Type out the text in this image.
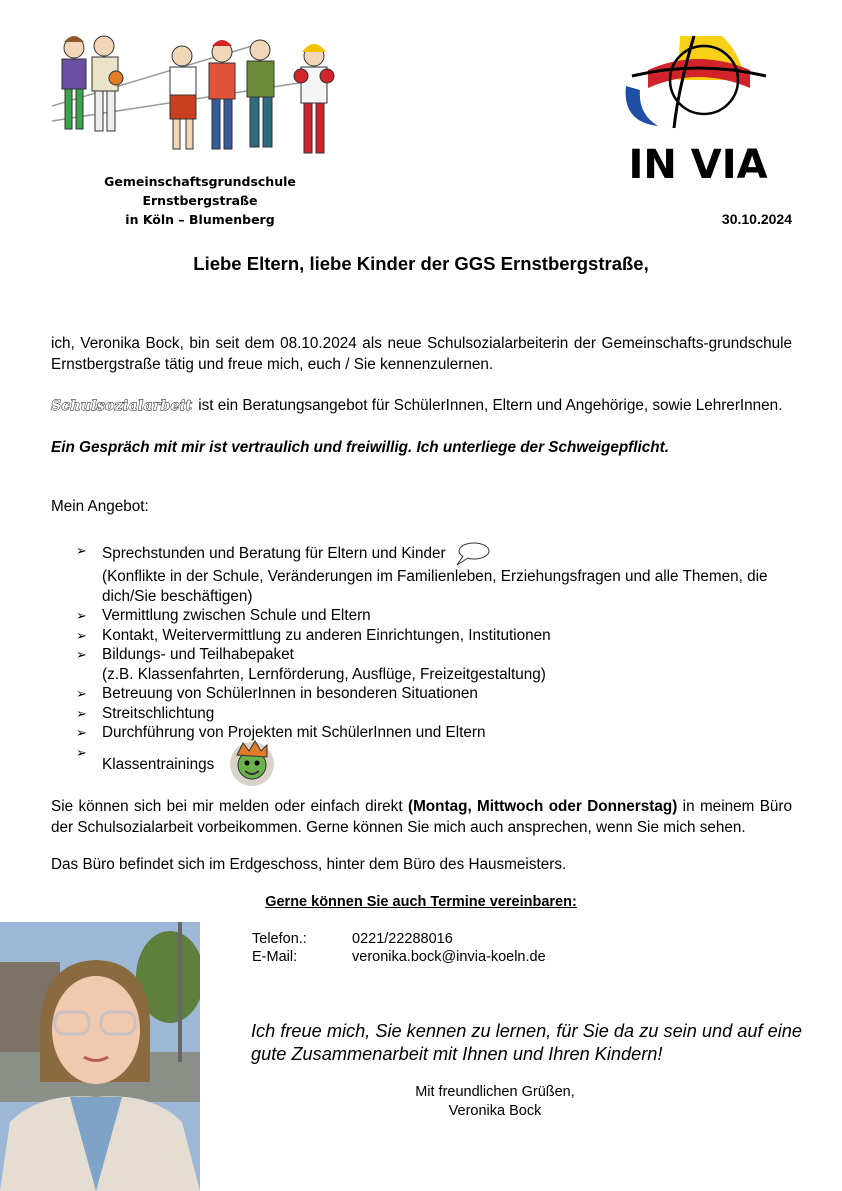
Gemeinschaftsgrundschule Ernstbergstraße
in Köln – Blumenberg
IN VIA
30.10.2024
Liebe Eltern, liebe Kinder der GGS Ernstbergstraße,
ich, Veronika Bock, bin seit dem 08.10.2024 als neue Schulsozialarbeiterin der Gemeinschafts-grundschule Ernstbergstraße tätig und freue mich, euch / Sie kennenzulernen.
Schulsozialarbeit ist ein Beratungsangebot für SchülerInnen, Eltern und Angehörige, sowie LehrerInnen.
Ein Gespräch mit mir ist vertraulich und freiwillig. Ich unterliege der Schweigepflicht.
Mein Angebot:
➢ Sprechstunden und Beratung für Eltern und Kinder
(Konflikte in der Schule, Veränderungen im Familienleben, Erziehungsfragen und alle Themen, die dich/Sie beschäftigen)
➢ Vermittlung zwischen Schule und Eltern
➢ Kontakt, Weitervermittlung zu anderen Einrichtungen, Institutionen
➢ Bildungs- und Teilhabepaket
(z.B. Klassenfahrten, Lernförderung, Ausflüge, Freizeitgestaltung)
➢ Betreuung von SchülerInnen in besonderen Situationen
➢ Streitschlichtung
➢ Durchführung von Projekten mit SchülerInnen und Eltern
➢
Klassentrainings
Sie können sich bei mir melden oder einfach direkt (Montag, Mittwoch oder Donnerstag) in meinem Büro der Schulsozialarbeit vorbeikommen. Gerne können Sie mich auch ansprechen, wenn Sie mich sehen.
Das Büro befindet sich im Erdgeschoss, hinter dem Büro des Hausmeisters.
Gerne können Sie auch Termine vereinbaren:
Telefon.:	0221/22288016
E-Mail:	veronika.bock@invia-koeln.de
Ich freue mich, Sie kennen zu lernen, für Sie da zu sein und auf eine gute Zusammenarbeit mit Ihnen und Ihren Kindern!
Mit freundlichen Grüßen,
Veronika Bock
